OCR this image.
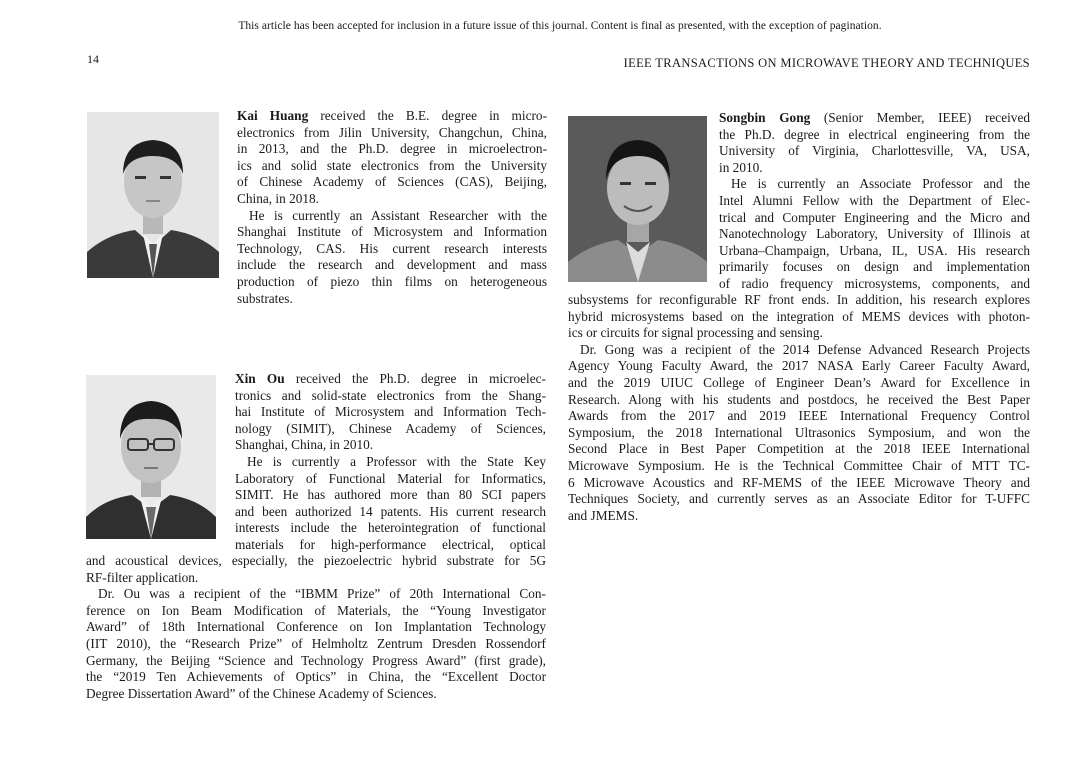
This article has been accepted for inclusion in a future issue of this journal. Content is final as presented, with the exception of pagination.
14	IEEE TRANSACTIONS ON MICROWAVE THEORY AND TECHNIQUES

Kai Huang received the B.E. degree in micro-
electronics from Jilin University, Changchun, China,
in 2013, and the Ph.D. degree in microelectron-
ics and solid state electronics from the University
of Chinese Academy of Sciences (CAS), Beijing,
China, in 2018.

He is currently an Assistant Researcher with the
Shanghai Institute of Microsystem and Information
Technology, CAS. His current research interests
include the research and development and mass
production of piezo thin films on heterogeneous
substrates.

Xin Ou received the Ph.D. degree in microelec-
tronics and solid-state electronics from the Shang-
hai Institute of Microsystem and Information Tech-
nology (SIMIT), Chinese Academy of Sciences,
Shanghai, China, in 2010.

He is currently a Professor with the State Key
Laboratory of Functional Material for Informatics,
SIMIT. He has authored more than 80 SCI papers
and been authorized 14 patents. His current research
interests include the heterointegration of functional
materials for high-performance electrical, optical

and acoustical devices, especially, the piezoelectric hybrid substrate for 5G
RF-filter application.

Dr. Ou was a recipient of the “IBMM Prize” of 20th International Con-
ference on Ion Beam Modification of Materials, the “Young Investigator
Award” of 18th International Conference on Ion Implantation Technology
(IIT 2010), the “Research Prize” of Helmholtz Zentrum Dresden Rossendorf
Germany, the Beijing “Science and Technology Progress Award” (first grade),
the “2019 Ten Achievements of Optics” in China, the “Excellent Doctor
Degree Dissertation Award” of the Chinese Academy of Sciences.

Songbin Gong (Senior Member, IEEE) received
the Ph.D. degree in electrical engineering from the
University of Virginia, Charlottesville, VA, USA,
in 2010.

He is currently an Associate Professor and the
Intel Alumni Fellow with the Department of Elec-
trical and Computer Engineering and the Micro and
Nanotechnology Laboratory, University of Illinois at
Urbana–Champaign, Urbana, IL, USA. His research
primarily focuses on design and implementation
of radio frequency microsystems, components, and

subsystems for reconfigurable RF front ends. In addition, his research explores
hybrid microsystems based on the integration of MEMS devices with photon-
ics or circuits for signal processing and sensing.

Dr. Gong was a recipient of the 2014 Defense Advanced Research Projects
Agency Young Faculty Award, the 2017 NASA Early Career Faculty Award,
and the 2019 UIUC College of Engineer Dean’s Award for Excellence in
Research. Along with his students and postdocs, he received the Best Paper
Awards from the 2017 and 2019 IEEE International Frequency Control
Symposium, the 2018 International Ultrasonics Symposium, and won the
Second Place in Best Paper Competition at the 2018 IEEE International
Microwave Symposium. He is the Technical Committee Chair of MTT TC-
6 Microwave Acoustics and RF-MEMS of the IEEE Microwave Theory and
Techniques Society, and currently serves as an Associate Editor for T-UFFC
and JMEMS.
